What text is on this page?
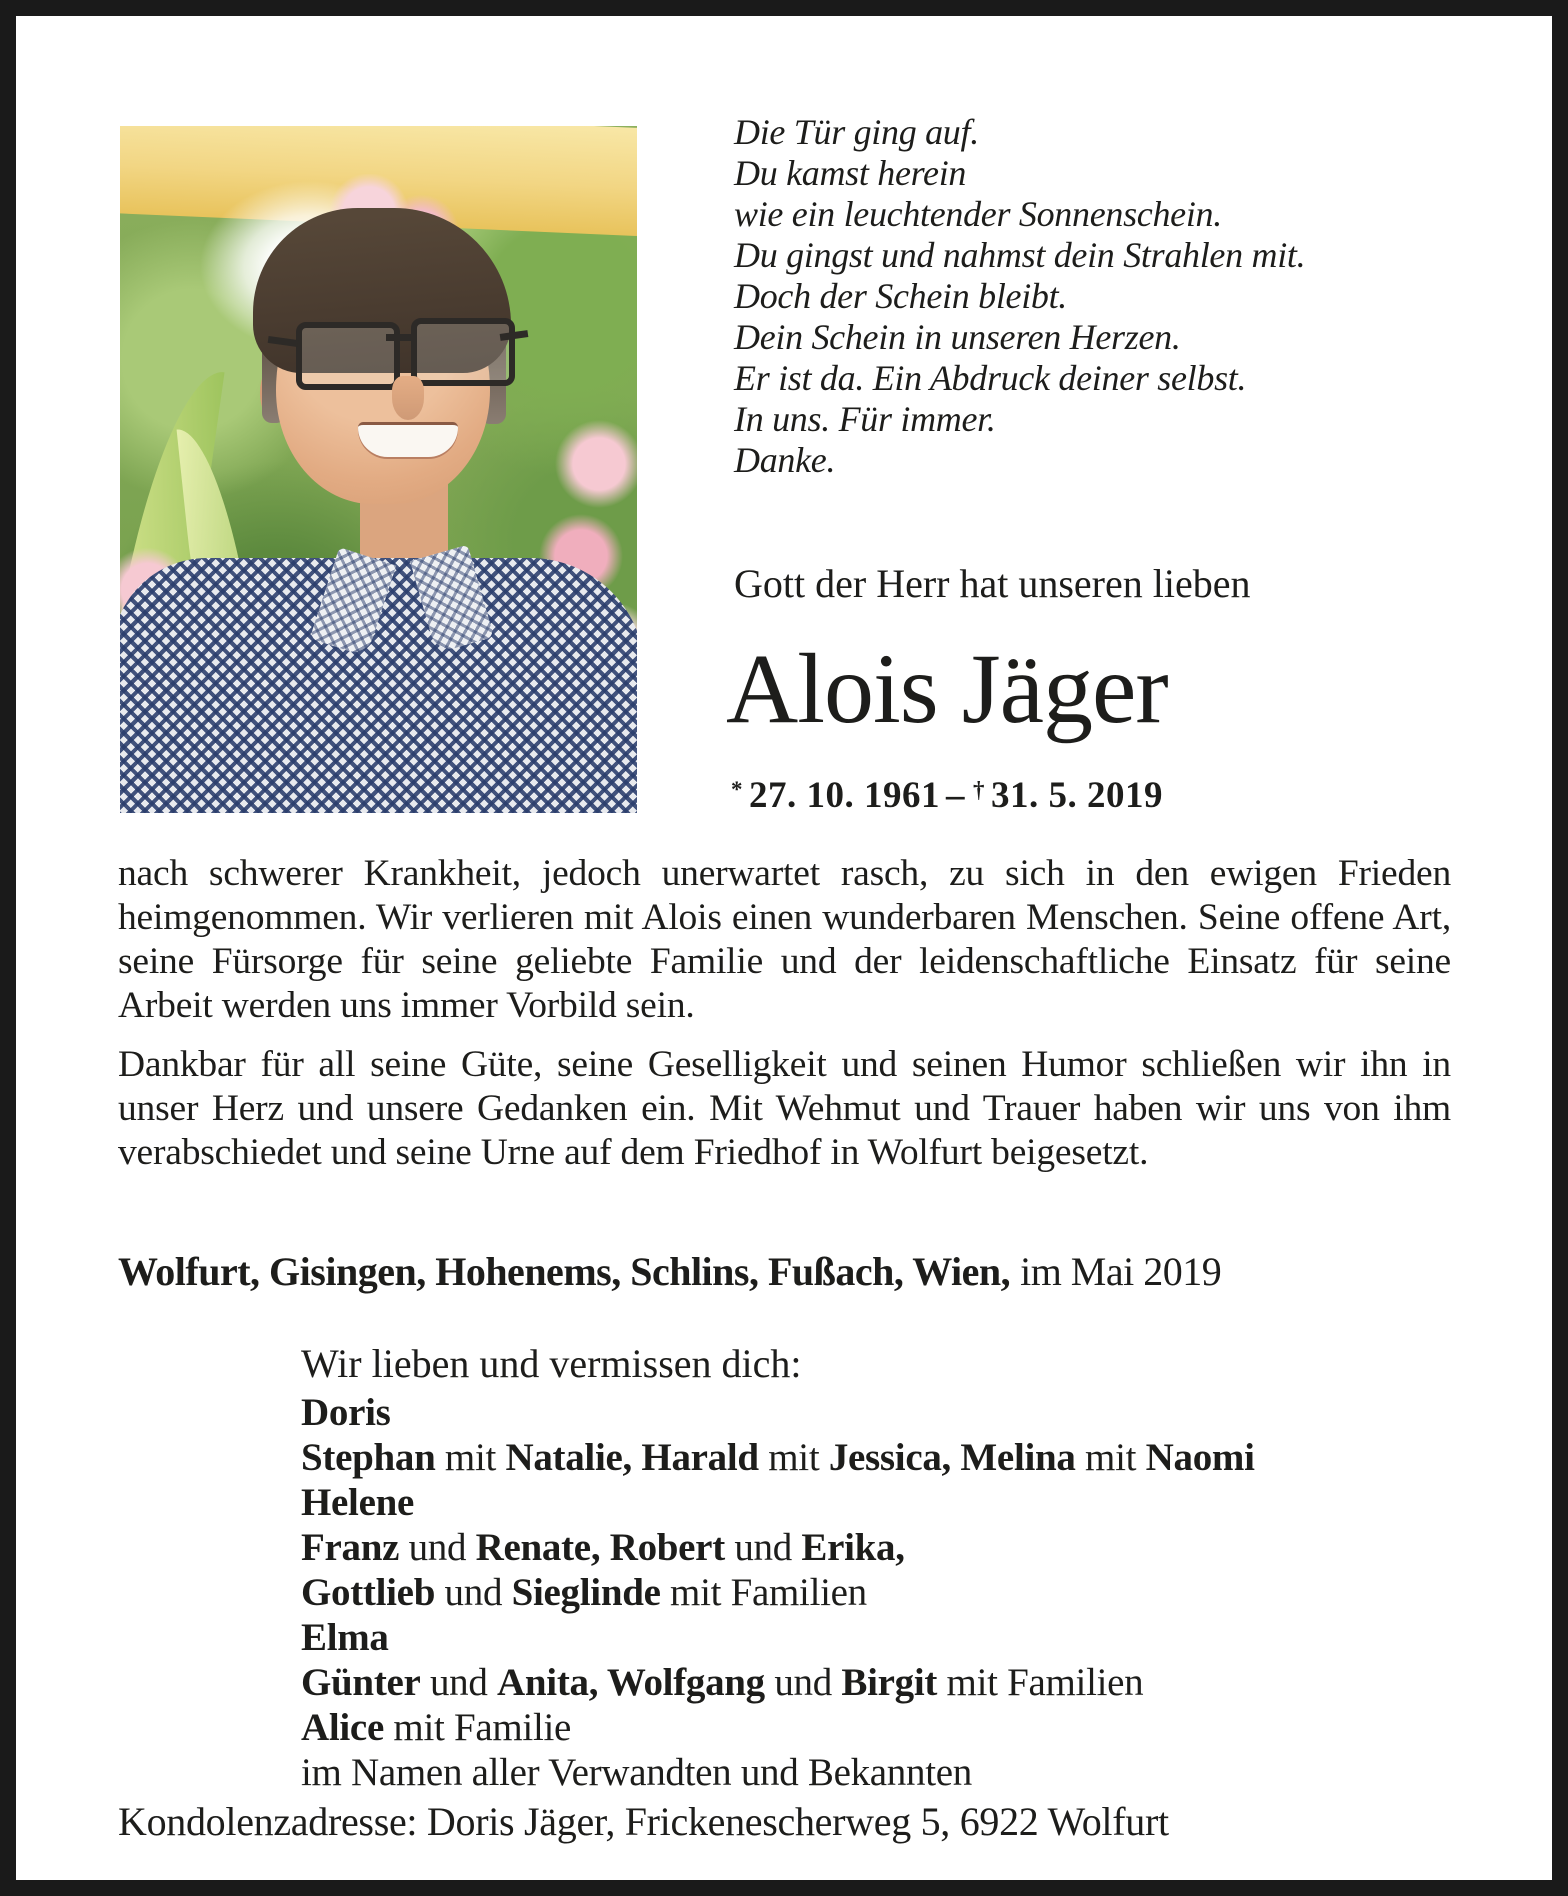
Die Tür ging auf.
Du kamst herein
wie ein leuchtender Sonnenschein.
Du gingst und nahmst dein Strahlen mit.
Doch der Schein bleibt.
Dein Schein in unseren Herzen.
Er ist da. Ein Abdruck deiner selbst.
In uns. Für immer.
Danke.
Gott der Herr hat unseren lieben
Alois Jäger
* 27. 10. 1961 – † 31. 5. 2019

nach schwerer Krankheit, jedoch unerwartet rasch, zu sich in den ewigen Frieden heimgenommen. Wir verlieren mit Alois einen wunderbaren Menschen. Seine offene Art, seine Fürsorge für seine geliebte Familie und der leidenschaftliche Einsatz für seine Arbeit werden uns immer Vorbild sein.

Dankbar für all seine Güte, seine Geselligkeit und seinen Humor schließen wir ihn in unser Herz und unsere Gedanken ein. Mit Wehmut und Trauer haben wir uns von ihm verabschiedet und seine Urne auf dem Friedhof in Wolfurt beigesetzt.

Wolfurt, Gisingen, Hohenems, Schlins, Fußach, Wien, im Mai 2019
Wir lieben und vermissen dich:
Doris
Stephan mit Natalie, Harald mit Jessica, Melina mit Naomi
Helene
Franz und Renate, Robert und Erika,
Gottlieb und Sieglinde mit Familien
Elma
Günter und Anita, Wolfgang und Birgit mit Familien
Alice mit Familie
im Namen aller Verwandten und Bekannten
Kondolenzadresse: Doris Jäger, Frickenescherweg 5, 6922 Wolfurt
